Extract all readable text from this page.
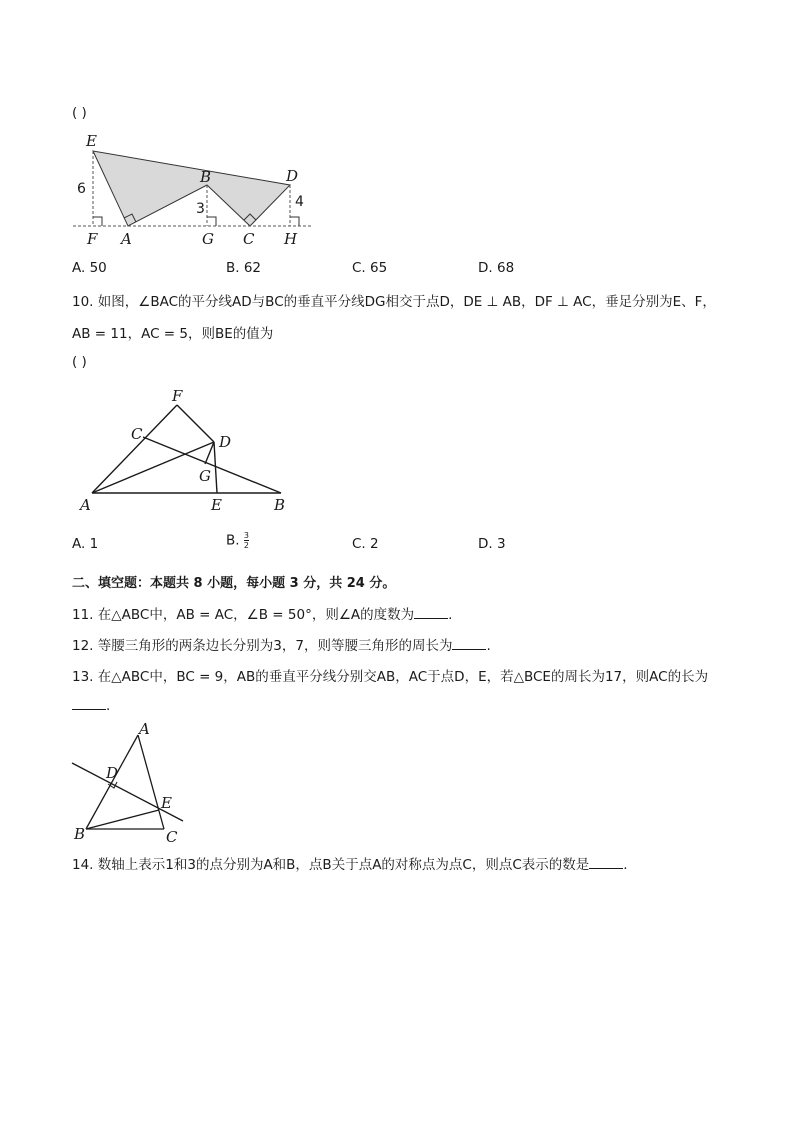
( )
E
F A
B
G C
D
H
6
3	4
A. 50	B. 62	C. 65	D. 68
10. 如图，∠BAC的平分线AD与BC的垂直平分线DG相交于点D，DE ⊥ AB，DF ⊥ AC，垂足分别为E、F，
AB = 11，AC = 5，则BE的值为
( )
F
C	D
G
A	E	B
A. 1	B. $\frac{3}{2}$	C. 2	D. 3
二、填空题：本题共 8 小题，每小题 3 分，共 24 分。
11. 在△ABC中，AB = AC，∠B = 50°，则∠A的度数为	.
12. 等腰三角形的两条边长分别为3，7，则等腰三角形的周长为	.
13. 在△ABC中，BC = 9，AB的垂直平分线分别交AB，AC于点D，E，若△BCE的周长为17，则AC的长为
.
A
D
E
B	C
14. 数轴上表示1和3的点分别为A和B，点B关于点A的对称点为点C，则点C表示的数是	.
